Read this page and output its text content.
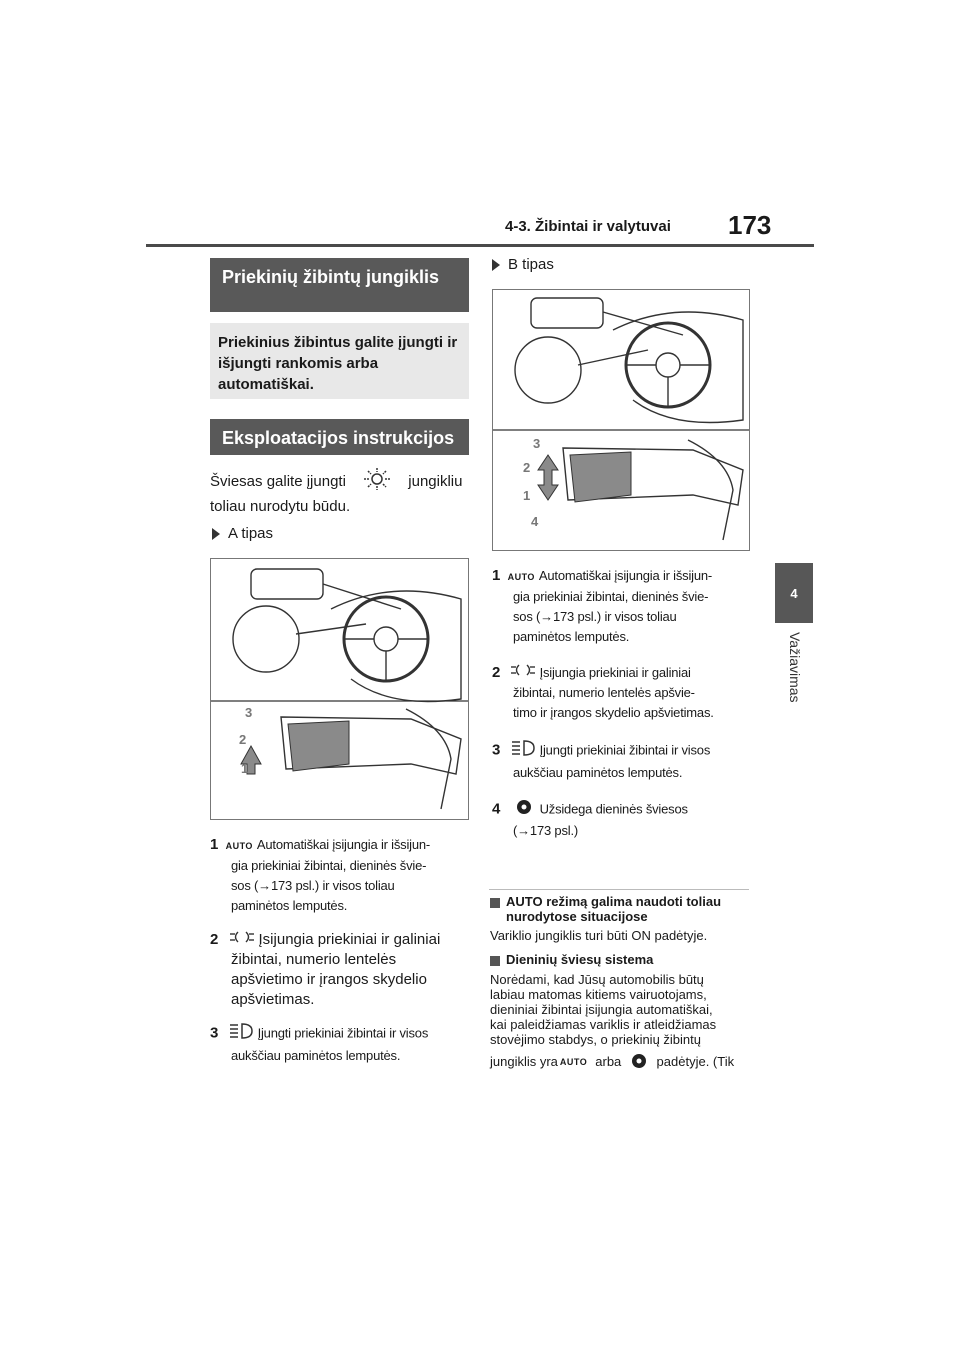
4-3. Žibintai ir valytuvai 173
4
Važiavimas
Priekinių žibintų jungiklis
Priekinius žibintus galite įjungti ir išjungti rankomis arba automatiškai.
Eksploatacijos instrukcijos
Šviesas galite įjungti	jungikliu
toliau nurodytu būdu.
A tipas
3
2
1
1 AUTO Automatiškai įsijungia ir išsijun-
gia priekiniai žibintai, dieninės švie-
sos (→173 psl.) ir visos toliau
paminėtos lemputės.
2	Įsijungia priekiniai ir galiniai
žibintai, numerio lentelės
apšvietimo ir įrangos skydelio
apšvietimas.
3	Įjungti priekiniai žibintai ir visos
aukščiau paminėtos lemputės.
B tipas
3
2
1
4
1 AUTO Automatiškai įsijungia ir išsijun-
gia priekiniai žibintai, dieninės švie-
sos (→173 psl.) ir visos toliau
paminėtos lemputės.
2	Įsijungia priekiniai ir galiniai
žibintai, numerio lentelės apšvie-
timo ir įrangos skydelio apšvietimas.
3	Įjungti priekiniai žibintai ir visos
aukščiau paminėtos lemputės.
4	Užsidega dieninės šviesos
(→173 psl.)
AUTO režimą galima naudoti toliau
nurodytose situacijose
Variklio jungiklis turi būti ON padėtyje.
Dieninių šviesų sistema
Norėdami, kad Jūsų automobilis būtų
labiau matomas kitiems vairuotojams,
dieniniai žibintai įsijungia automatiškai,
kai paleidžiamas variklis ir atleidžiamas
stovėjimo stabdys, o priekinių žibintų
jungiklis yra AUTO arba	padėtyje. (Tik
